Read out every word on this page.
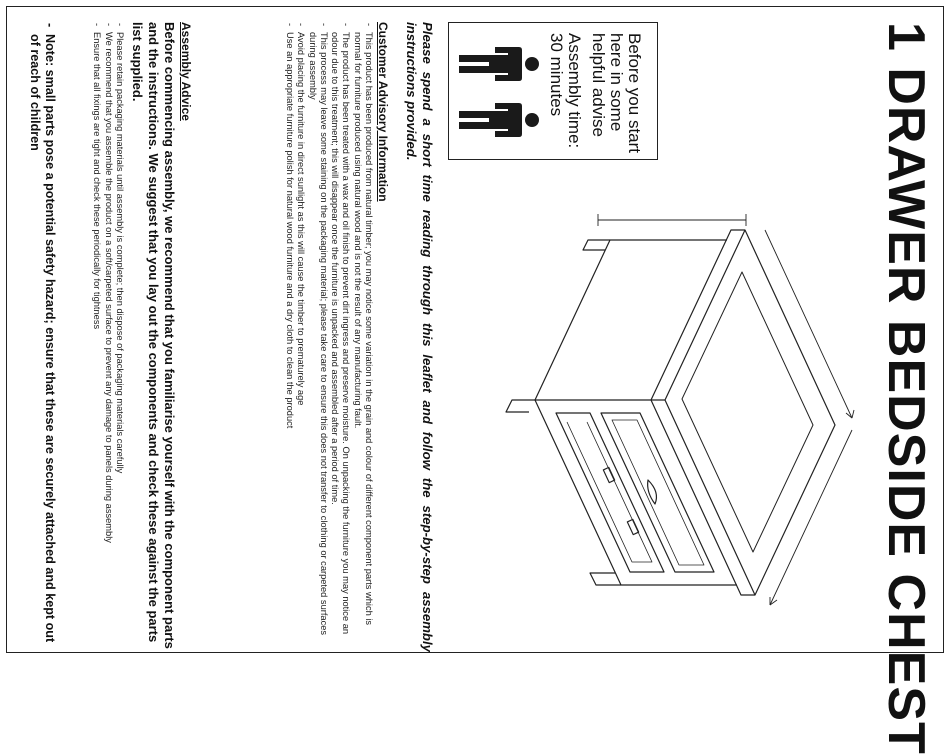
1 DRAWER BEDSIDE CHEST
Before you start
here in some
helpful advise
Assembly time:
30 minutes
Please spend a short time reading through this leaflet and follow the step-by-step assembly instructions provided.
Customer Advisory Information
- This product has been produced from natural timber; you may notice some variation in the grain and colour of different component parts which is normal for furniture produced using natural wood and is not the result of any manufacturing fault.
- The product has been treated with a wax and oil finish to prevent dirt ingress and preserve moisture. On unpacking the furniture you may notice an odour due to this treatment; this will disappear once the furniture is unpacked and assembled after a period of time.
- This process may leave some staining on the packaging material; please take care to ensure this does not transfer to clothing or carpeted surfaces during assembly
- Avoid placing the furniture in direct sunlight as this will cause the timber to prematurely age
- Use an appropriate furniture polish for natural wood furniture and a dry cloth to clean the product
Assembly Advice
Before commencing assembly, we recommend that you familiarise yourself with the component parts and the instructions. We suggest that you lay out the components and check these against the parts list supplied.
- Please retain packaging materials until assembly is complete; then dispose of packaging materials carefully
- We recommend that you assemble the product on a soft/carpeted surface to prevent any damage to panels during assembly
- Ensure that all fixings are tight and check these periodically for tightness
- Note: small parts pose a potential safety hazard; ensure that these are securely attached and kept out of reach of children
